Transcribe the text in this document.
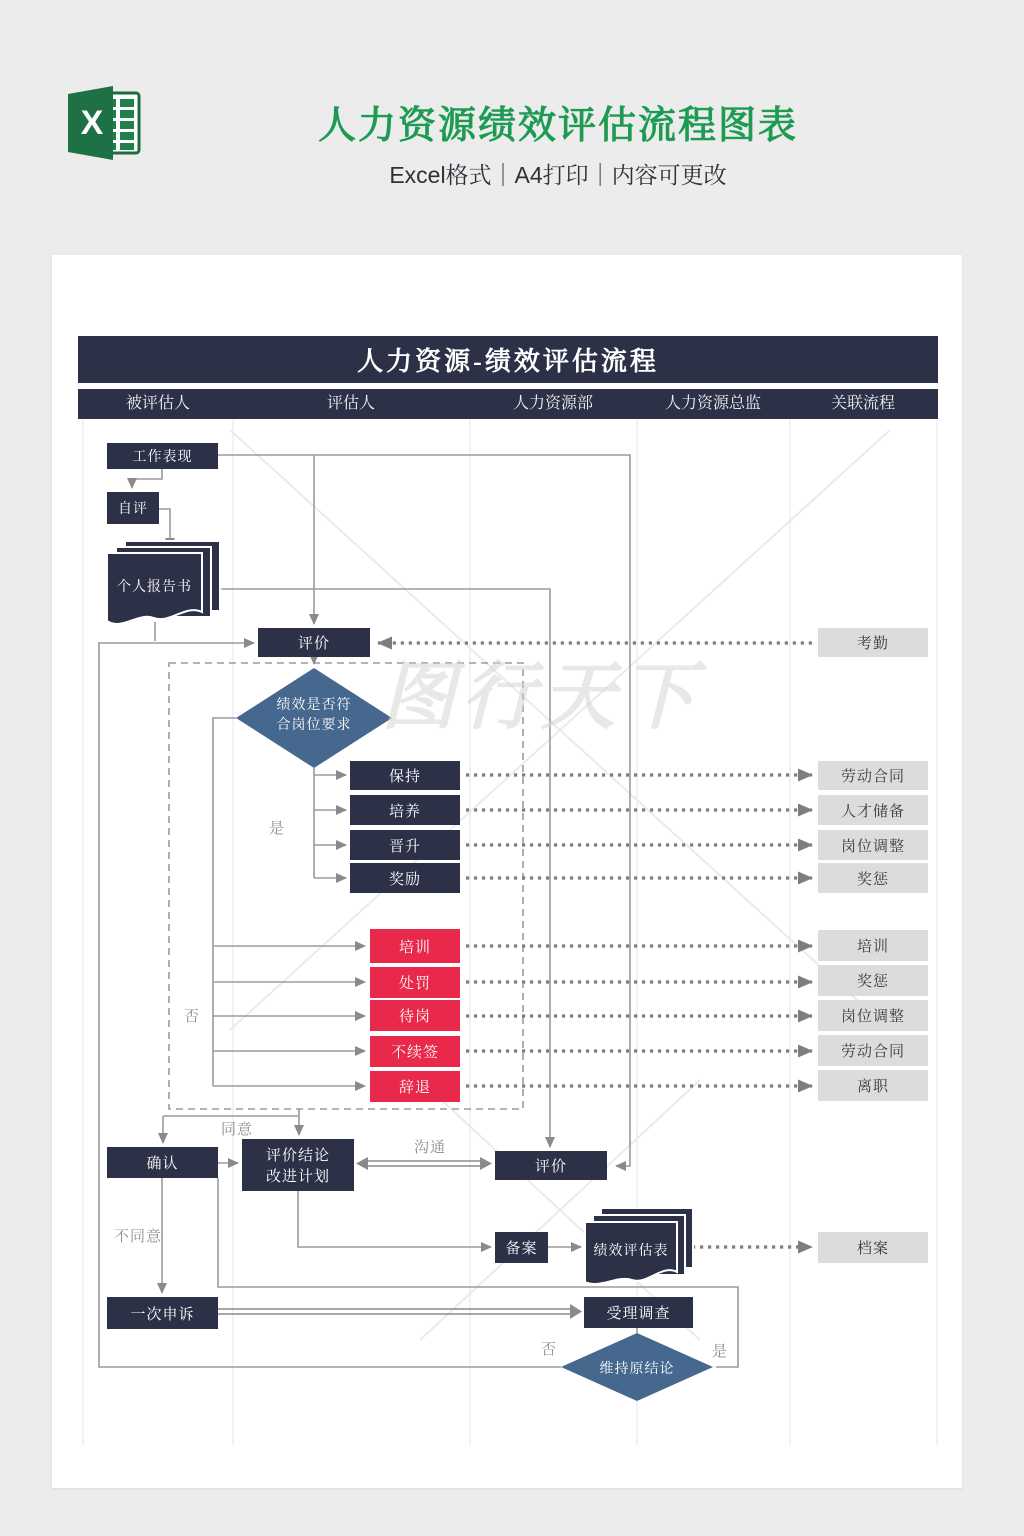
X	人力资源绩效评估流程图表
Excel格式｜A4打印｜内容可更改
人力资源-绩效评估流程
被评估人	评估人	人力资源部	人力资源总监	关联流程
图行天下
工作表现
自评
个人报告书
评价	考勤
绩效是否符
合岗位要求
保持
培养
晋升
奖励
劳动合同
人才储备
岗位调整
奖惩
培训
处罚
待岗
不续签
辞退
培训
奖惩
岗位调整
劳动合同
离职
确认	评价结论
改进计划
评价
备案	绩效评估表	档案
一次申诉	受理调查
维持原结论
是
否
同意
不同意
沟通
否	是
